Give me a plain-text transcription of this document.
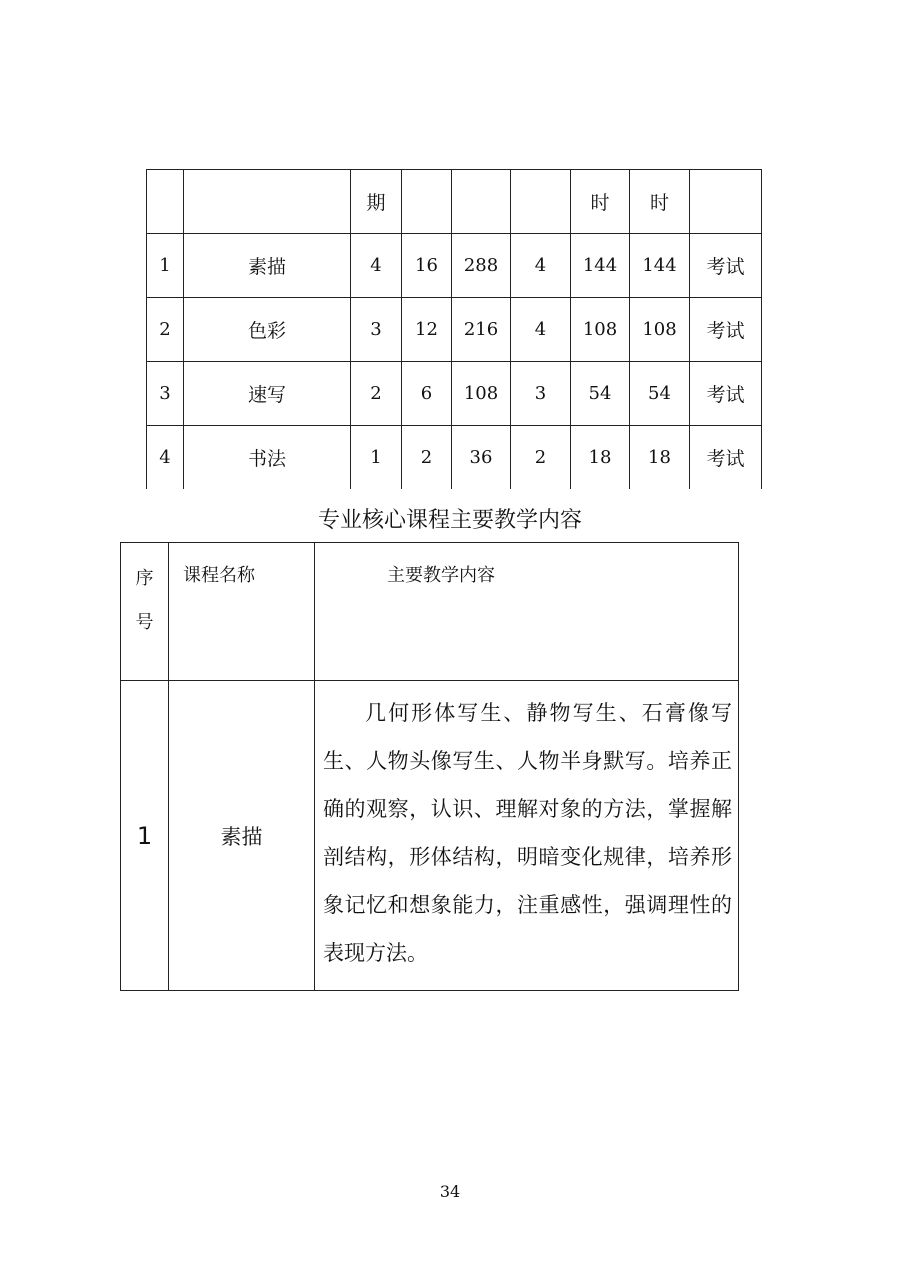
		期				时	时	
1	素描	4	16	288	4	144	144	考试
2	色彩	3	12	216	4	108	108	考试
3	速写	2	6	108	3	54	54	考试
4	书法	1	2	36	2	18	18	考试
专业核心课程主要教学内容
序
号	课程名称	主要教学内容
1	素描	几何形体写生、静物写生、石膏像写生、人物头像写生、人物半身默写。培养正确的观察，认识、理解对象的方法，掌握解剖结构，形体结构，明暗变化规律，培养形象记忆和想象能力，注重感性，强调理性的表现方法。
34
